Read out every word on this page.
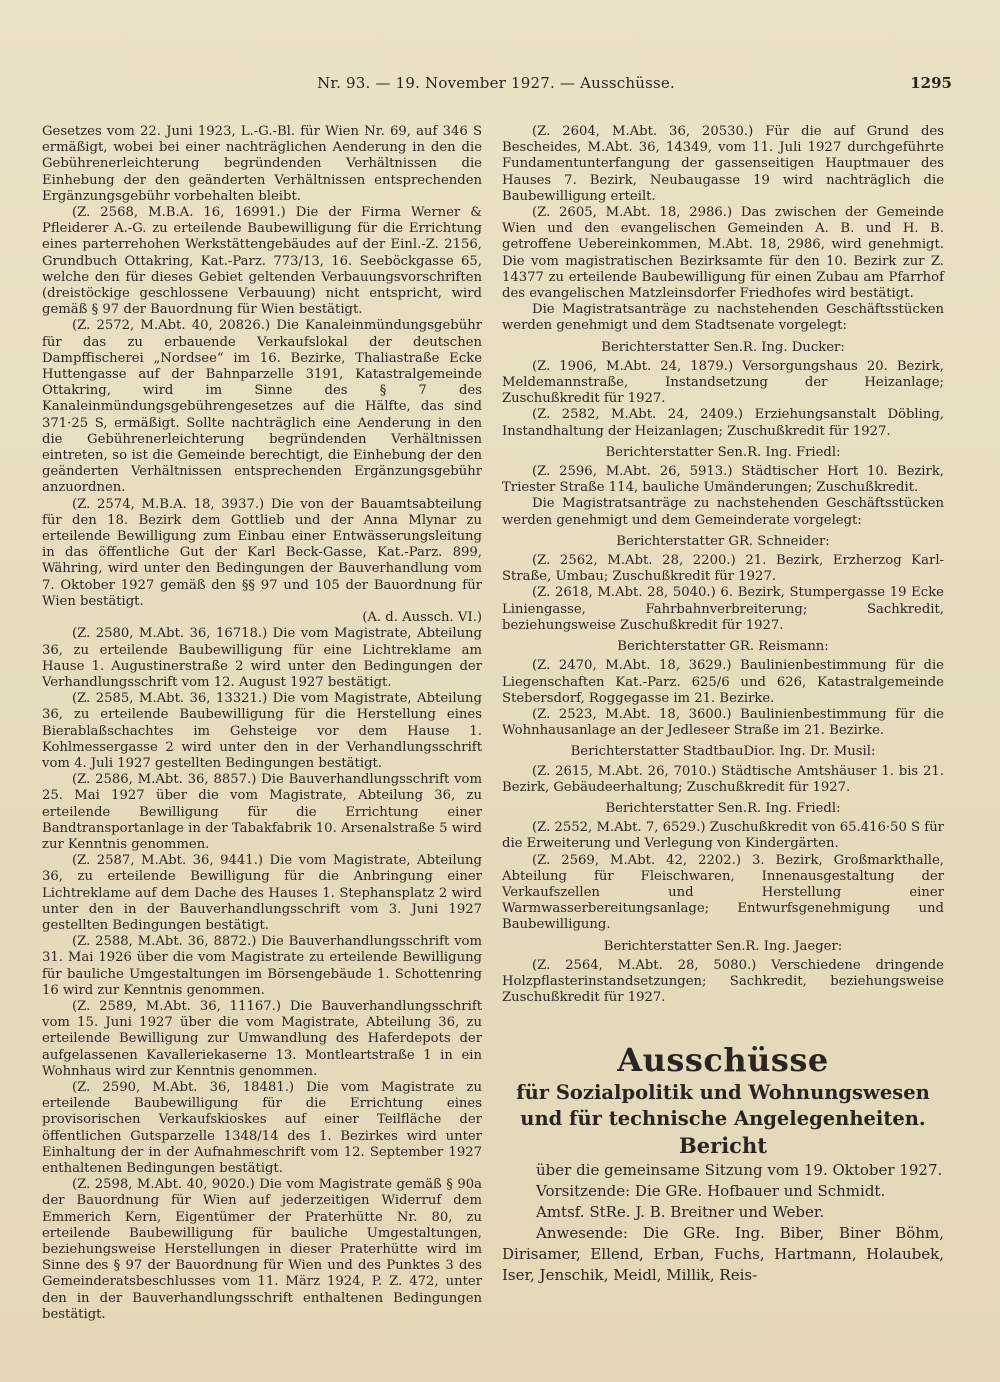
Nr. 93. — 19. November 1927. — Ausschüsse.	1295

Gesetzes vom 22. Juni 1923, L.-G.-Bl. für Wien Nr. 69, auf 346 S ermäßigt, wobei bei einer nachträglichen Aenderung in den die Gebührenerleichterung begründenden Verhältnissen die Einhebung der den geänderten Verhältnissen entsprechenden Ergänzungsgebühr vorbehalten bleibt.

(Z. 2568, M.B.A. 16, 16991.) Die der Firma Werner & Pfleiderer A.-G. zu erteilende Baubewilligung für die Errichtung eines parterrehohen Werkstättengebäudes auf der Einl.-Z. 2156, Grundbuch Ottakring, Kat.-Parz. 773/13, 16. Seeböckgasse 65, welche den für dieses Gebiet geltenden Verbauungsvorschriften (dreistöckige geschlossene Verbauung) nicht entspricht, wird gemäß § 97 der Bauordnung für Wien bestätigt.

(Z. 2572, M.Abt. 40, 20826.) Die Kanaleinmündungsgebühr für das zu erbauende Verkaufslokal der deutschen Dampffischerei „Nordsee“ im 16. Bezirke, Thaliastraße Ecke Huttengasse auf der Bahnparzelle 3191, Katastralgemeinde Ottakring, wird im Sinne des § 7 des Kanaleinmündungsgebührengesetzes auf die Hälfte, das sind 371·25 S, ermäßigt. Sollte nachträglich eine Aenderung in den die Gebührenerleichterung begründenden Verhältnissen eintreten, so ist die Gemeinde berechtigt, die Einhebung der den geänderten Verhältnissen entsprechenden Ergänzungsgebühr anzuordnen.

(Z. 2574, M.B.A. 18, 3937.) Die von der Bauamtsabteilung für den 18. Bezirk dem Gottlieb und der Anna Mlynar zu erteilende Bewilligung zum Einbau einer Entwässerungsleitung in das öffentliche Gut der Karl Beck-Gasse, Kat.-Parz. 899, Währing, wird unter den Bedingungen der Bauverhandlung vom 7. Oktober 1927 gemäß den §§ 97 und 105 der Bauordnung für Wien bestätigt.

(A. d. Aussch. VI.)

(Z. 2580, M.Abt. 36, 16718.) Die vom Magistrate, Abteilung 36, zu erteilende Baubewilligung für eine Lichtreklame am Hause 1. Augustinerstraße 2 wird unter den Bedingungen der Verhandlungsschrift vom 12. August 1927 bestätigt.

(Z. 2585, M.Abt. 36, 13321.) Die vom Magistrate, Abteilung 36, zu erteilende Baubewilligung für die Herstellung eines Bierablaßschachtes im Gehsteige vor dem Hause 1. Kohlmessergasse 2 wird unter den in der Verhandlungsschrift vom 4. Juli 1927 gestellten Bedingungen bestätigt.

(Z. 2586, M.Abt. 36, 8857.) Die Bauverhandlungsschrift vom 25. Mai 1927 über die vom Magistrate, Abteilung 36, zu erteilende Bewilligung für die Errichtung einer Bandtransportanlage in der Tabakfabrik 10. Arsenalstraße 5 wird zur Kenntnis genommen.

(Z. 2587, M.Abt. 36, 9441.) Die vom Magistrate, Abteilung 36, zu erteilende Bewilligung für die Anbringung einer Lichtreklame auf dem Dache des Hauses 1. Stephansplatz 2 wird unter den in der Bauverhandlungsschrift vom 3. Juni 1927 gestellten Bedingungen bestätigt.

(Z. 2588, M.Abt. 36, 8872.) Die Bauverhandlungsschrift vom 31. Mai 1926 über die vom Magistrate zu erteilende Bewilligung für bauliche Umgestaltungen im Börsengebäude 1. Schottenring 16 wird zur Kenntnis genommen.

(Z. 2589, M.Abt. 36, 11167.) Die Bauverhandlungsschrift vom 15. Juni 1927 über die vom Magistrate, Abteilung 36, zu erteilende Bewilligung zur Umwandlung des Haferdepots der aufgelassenen Kavalleriekaserne 13. Montleartstraße 1 in ein Wohnhaus wird zur Kenntnis genommen.

(Z. 2590, M.Abt. 36, 18481.) Die vom Magistrate zu erteilende Baubewilligung für die Errichtung eines provisorischen Verkaufskioskes auf einer Teilfläche der öffentlichen Gutsparzelle 1348/14 des 1. Bezirkes wird unter Einhaltung der in der Aufnahmeschrift vom 12. September 1927 enthaltenen Bedingungen bestätigt.

(Z. 2598, M.Abt. 40, 9020.) Die vom Magistrate gemäß § 90a der Bauordnung für Wien auf jederzeitigen Widerruf dem Emmerich Kern, Eigentümer der Praterhütte Nr. 80, zu erteilende Baubewilligung für bauliche Umgestaltungen, beziehungsweise Herstellungen in dieser Praterhütte wird im Sinne des § 97 der Bauordnung für Wien und des Punktes 3 des Gemeinderatsbeschlusses vom 11. März 1924, P. Z. 472, unter den in der Bauverhandlungsschrift enthaltenen Bedingungen bestätigt.

(Z. 2604, M.Abt. 36, 20530.) Für die auf Grund des Bescheides, M.Abt. 36, 14349, vom 11. Juli 1927 durchgeführte Fundamentunterfangung der gassenseitigen Hauptmauer des Hauses 7. Bezirk, Neubaugasse 19 wird nachträglich die Baubewilligung erteilt.

(Z. 2605, M.Abt. 18, 2986.) Das zwischen der Gemeinde Wien und den evangelischen Gemeinden A. B. und H. B. getroffene Uebereinkommen, M.Abt. 18, 2986, wird genehmigt. Die vom magistratischen Bezirksamte für den 10. Bezirk zur Z. 14377 zu erteilende Baubewilligung für einen Zubau am Pfarrhof des evangelischen Matzleinsdorfer Friedhofes wird bestätigt.

Die Magistratsanträge zu nachstehenden Geschäftsstücken werden genehmigt und dem Stadtsenate vorgelegt:

Berichterstatter Sen.R. Ing. Ducker:

(Z. 1906, M.Abt. 24, 1879.) Versorgungshaus 20. Bezirk, Meldemannstraße, Instandsetzung der Heizanlage; Zuschußkredit für 1927.

(Z. 2582, M.Abt. 24, 2409.) Erziehungsanstalt Döbling, Instandhaltung der Heizanlagen; Zuschußkredit für 1927.

Berichterstatter Sen.R. Ing. Friedl:

(Z. 2596, M.Abt. 26, 5913.) Städtischer Hort 10. Bezirk, Triester Straße 114, bauliche Umänderungen; Zuschußkredit.

Die Magistratsanträge zu nachstehenden Geschäftsstücken werden genehmigt und dem Gemeinderate vorgelegt:

Berichterstatter GR. Schneider:

(Z. 2562, M.Abt. 28, 2200.) 21. Bezirk, Erzherzog Karl-Straße, Umbau; Zuschußkredit für 1927.

(Z. 2618, M.Abt. 28, 5040.) 6. Bezirk, Stumpergasse 19 Ecke Liniengasse, Fahrbahnverbreiterung; Sachkredit, beziehungsweise Zuschußkredit für 1927.

Berichterstatter GR. Reismann:

(Z. 2470, M.Abt. 18, 3629.) Baulinienbestimmung für die Liegenschaften Kat.-Parz. 625/6 und 626, Katastralgemeinde Stebersdorf, Roggegasse im 21. Bezirke.

(Z. 2523, M.Abt. 18, 3600.) Baulinienbestimmung für die Wohnhausanlage an der Jedleseer Straße im 21. Bezirke.

Berichterstatter StadtbauDior. Ing. Dr. Musil:

(Z. 2615, M.Abt. 26, 7010.) Städtische Amtshäuser 1. bis 21. Bezirk, Gebäudeerhaltung; Zuschußkredit für 1927.

Berichterstatter Sen.R. Ing. Friedl:

(Z. 2552, M.Abt. 7, 6529.) Zuschußkredit von 65.416·50 S für die Erweiterung und Verlegung von Kindergärten.

(Z. 2569, M.Abt. 42, 2202.) 3. Bezirk, Großmarkthalle, Abteilung für Fleischwaren, Innenausgestaltung der Verkaufszellen und Herstellung einer Warmwasserbereitungsanlage; Entwurfsgenehmigung und Baubewilligung.

Berichterstatter Sen.R. Ing. Jaeger:

(Z. 2564, M.Abt. 28, 5080.) Verschiedene dringende Holzpflasterinstandsetzungen; Sachkredit, beziehungsweise Zuschußkredit für 1927.

Ausschüsse
für Sozialpolitik und Wohnungswesen und für technische Angelegenheiten.
Bericht

über die gemeinsame Sitzung vom 19. Oktober 1927.

Vorsitzende: Die GRe. Hofbauer und Schmidt.

Amtsf. StRe. J. B. Breitner und Weber.

Anwesende: Die GRe. Ing. Biber, Biner Böhm, Dirisamer, Ellend, Erban, Fuchs, Hartmann, Holaubek, Iser, Jenschik, Meidl, Millik, Reis-
